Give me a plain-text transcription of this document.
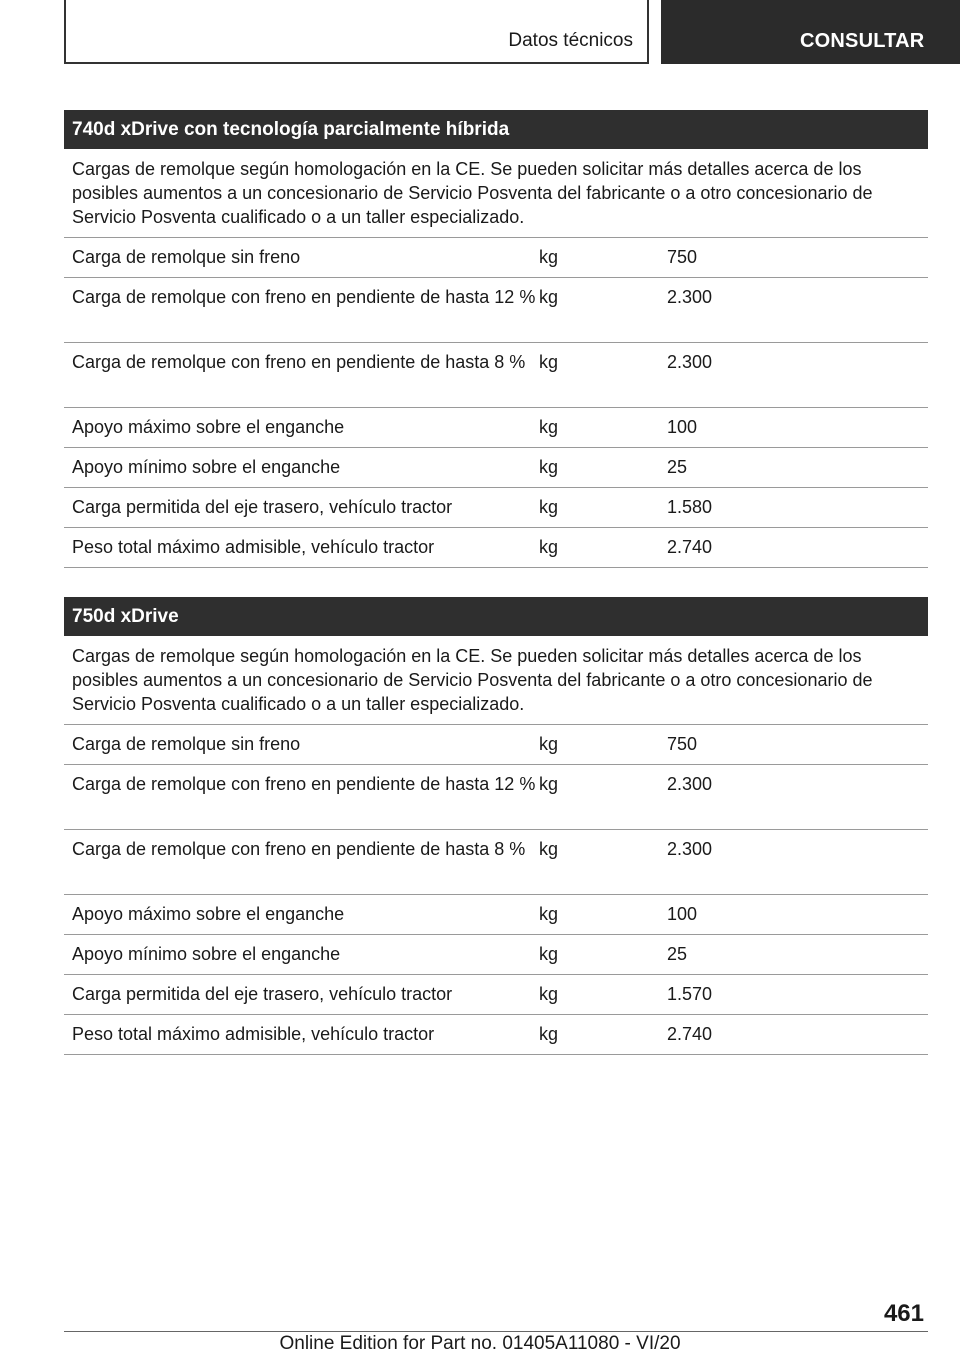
Datos técnicos	CONSULTAR
740d xDrive con tecnología parcialmente híbrida
Cargas de remolque según homologación en la CE. Se pueden solicitar más detalles acerca de los posibles aumentos a un concesionario de Servicio Posventa del fabricante o a otro concesionario de Servicio Posventa cualificado o a un taller especializado.
Carga de remolque sin freno	kg	750
Carga de remolque con freno en pendiente de hasta 12 % kg	2.300
Carga de remolque con freno en pendiente de hasta 8 % kg	2.300
Apoyo máximo sobre el enganche	kg	100
Apoyo mínimo sobre el enganche	kg	25
Carga permitida del eje trasero, vehículo tractor	kg	1.580
Peso total máximo admisible, vehículo tractor	kg	2.740
750d xDrive
Cargas de remolque según homologación en la CE. Se pueden solicitar más detalles acerca de los posibles aumentos a un concesionario de Servicio Posventa del fabricante o a otro concesionario de Servicio Posventa cualificado o a un taller especializado.
Carga de remolque sin freno	kg	750
Carga de remolque con freno en pendiente de hasta 12 % kg	2.300
Carga de remolque con freno en pendiente de hasta 8 % kg	2.300
Apoyo máximo sobre el enganche	kg	100
Apoyo mínimo sobre el enganche	kg	25
Carga permitida del eje trasero, vehículo tractor	kg	1.570
Peso total máximo admisible, vehículo tractor	kg	2.740
461
Online Edition for Part no. 01405A11080 - VI/20
